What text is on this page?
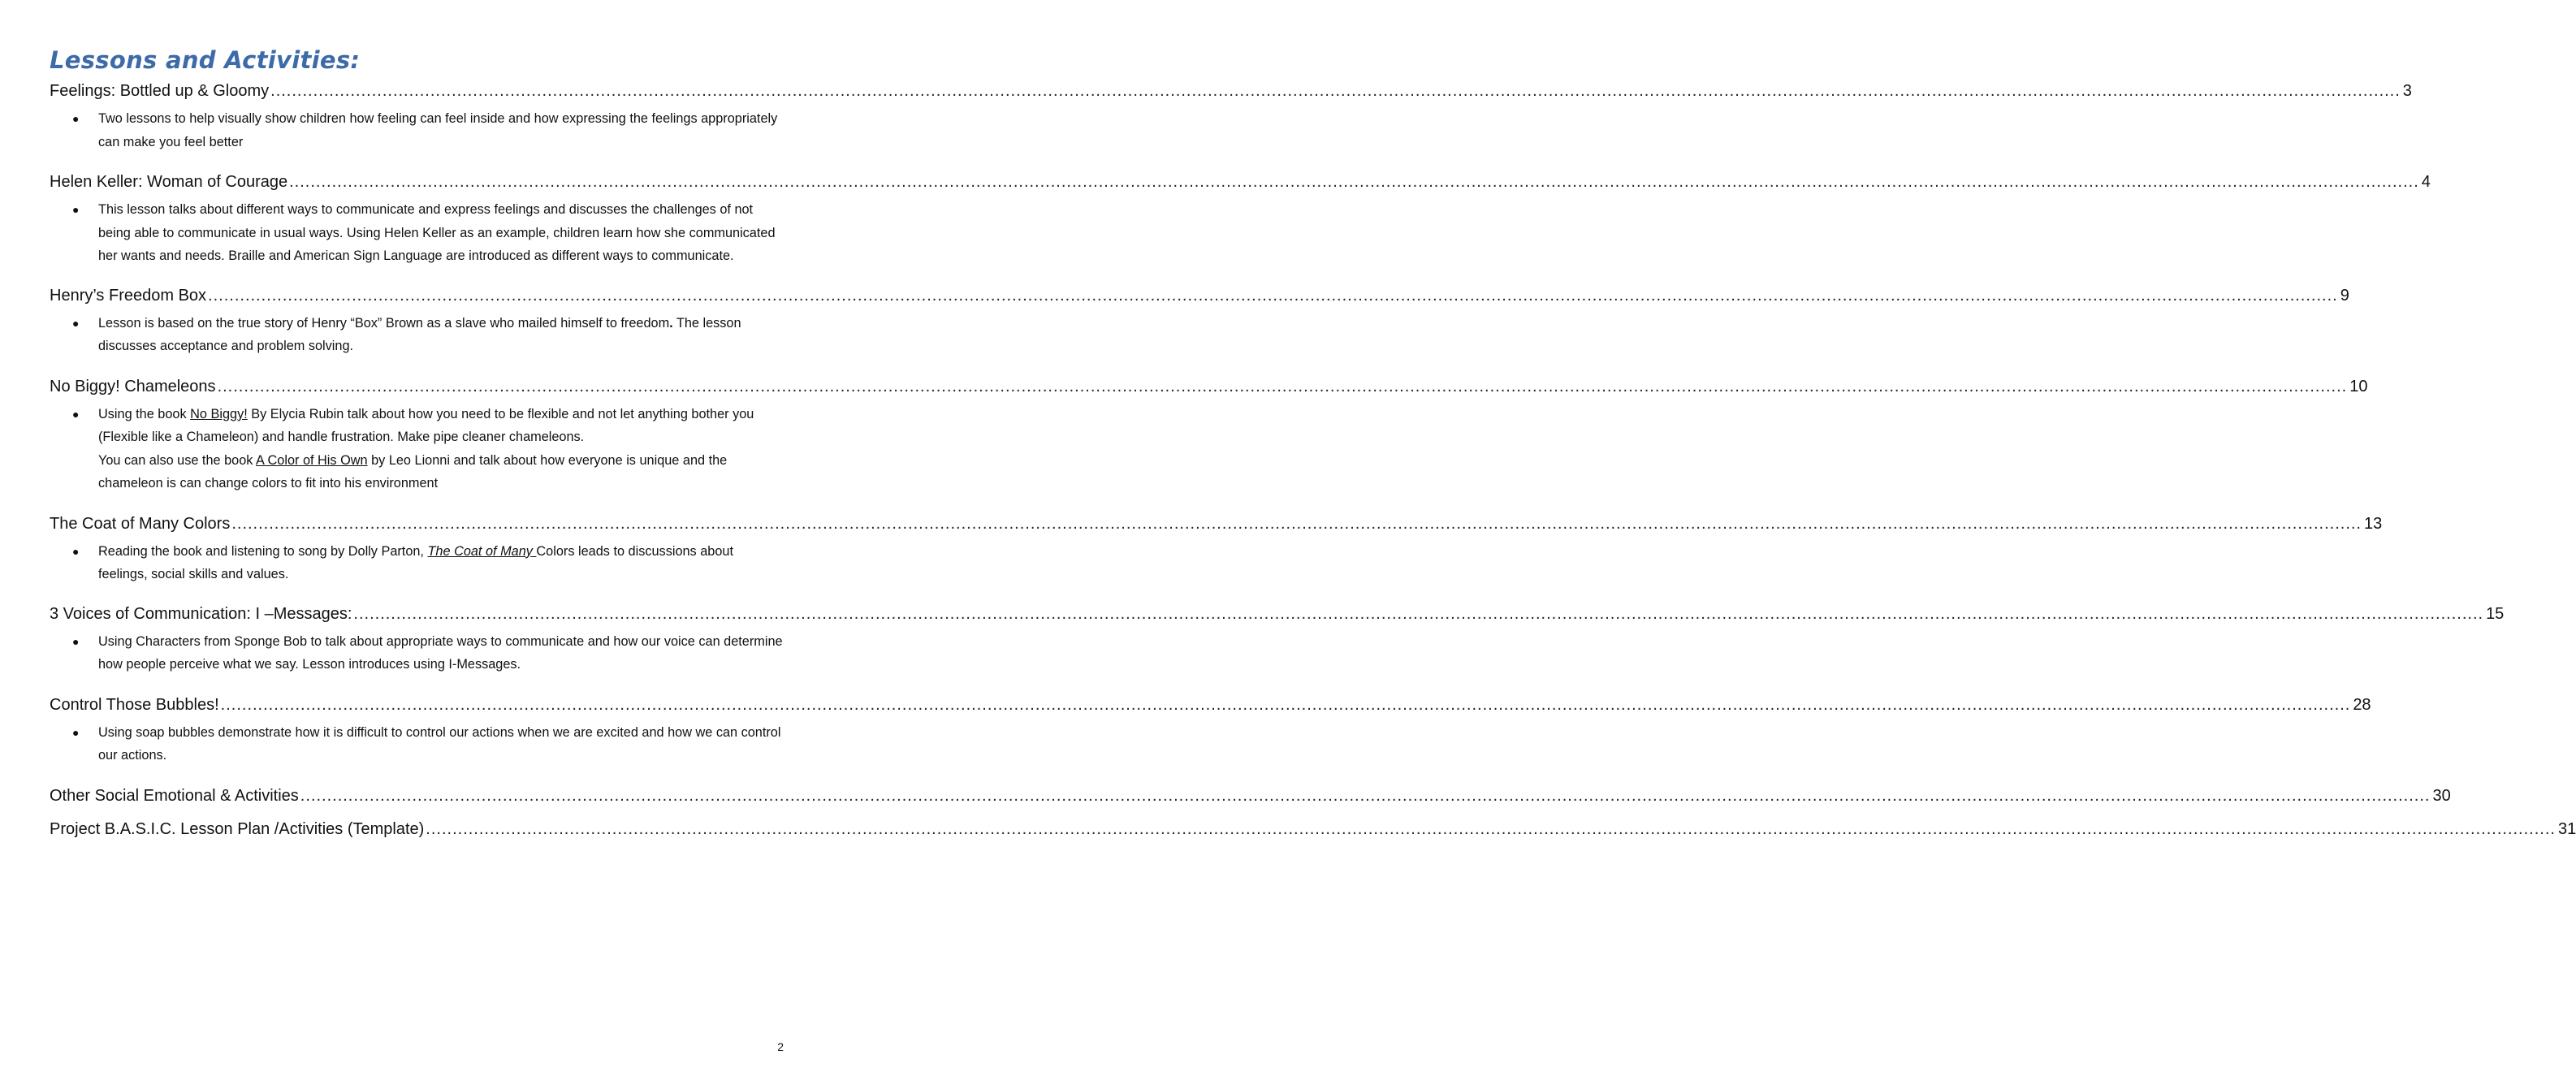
Lessons and Activities:
Feelings: Bottled up & Gloomy ................................................................................................................................................................................................................................................................................................................................................................................................................ 3
● Two lessons to help visually show children how feeling can feel inside and how expressing the feelings appropriately can make you feel better

Helen Keller: Woman of Courage ................................................................................................................................................................................................................................................................................................................................................................................................................ 4
● This lesson talks about different ways to communicate and express feelings and discusses the challenges of not being able to communicate in usual ways. Using Helen Keller as an example, children learn how she communicated her wants and needs. Braille and American Sign Language are introduced as different ways to communicate.

Henry’s Freedom Box ................................................................................................................................................................................................................................................................................................................................................................................................................ 9
● Lesson is based on the true story of Henry “Box” Brown as a slave who mailed himself to freedom. The lesson discusses acceptance and problem solving.

No Biggy! Chameleons ................................................................................................................................................................................................................................................................................................................................................................................................................ 10
● Using the book No Biggy! By Elycia Rubin talk about how you need to be flexible and not let anything bother you (Flexible like a Chameleon) and handle frustration. Make pipe cleaner chameleons.

You can also use the book A Color of His Own by Leo Lionni and talk about how everyone is unique and the chameleon is can change colors to fit into his environment

The Coat of Many Colors ................................................................................................................................................................................................................................................................................................................................................................................................................ 13
● Reading the book and listening to song by Dolly Parton, The Coat of Many Colors leads to discussions about feelings, social skills and values.

3 Voices of Communication: I –Messages: ................................................................................................................................................................................................................................................................................................................................................................................................................ 15
● Using Characters from Sponge Bob to talk about appropriate ways to communicate and how our voice can determine how people perceive what we say. Lesson introduces using I-Messages.

Control Those Bubbles! ................................................................................................................................................................................................................................................................................................................................................................................................................ 28
● Using soap bubbles demonstrate how it is difficult to control our actions when we are excited and how we can control our actions.

Other Social Emotional & Activities ................................................................................................................................................................................................................................................................................................................................................................................................................ 30
Project B.A.S.I.C. Lesson Plan /Activities (Template) ................................................................................................................................................................................................................................................................................................................................................................................................................ 31
2
